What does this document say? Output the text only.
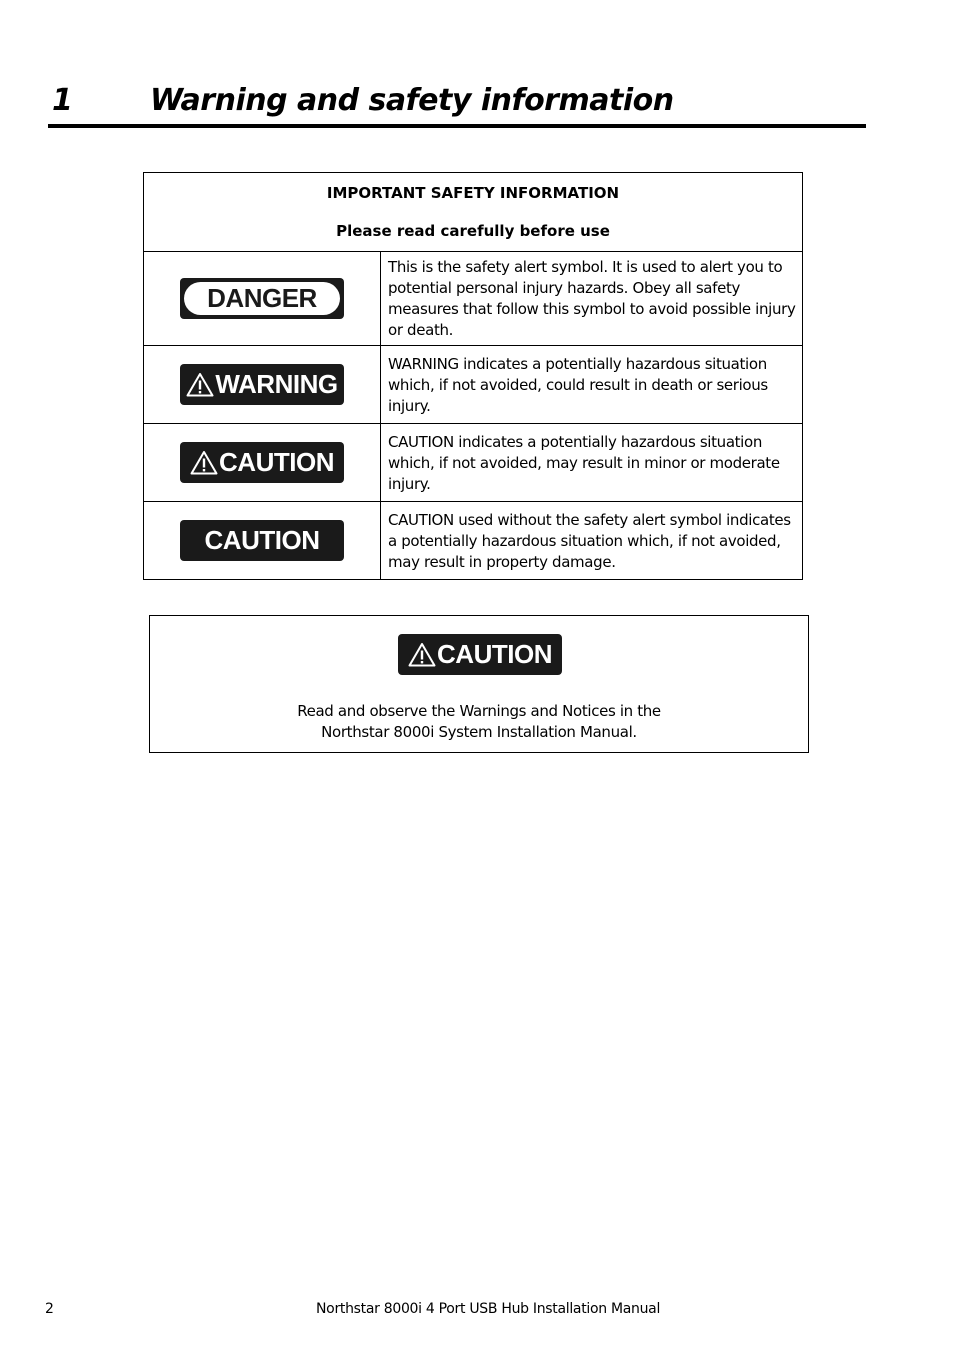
1	Warning and safety information
IMPORTANT SAFETY INFORMATION
Please read carefully before use	

DANGER	This is the safety alert symbol. It is used to alert you to potential personal injury hazards. Obey all safety measures that follow this symbol to avoid possible injury or death.

WARNING	WARNING indicates a potentially hazardous situation which, if not avoided, could result in death or serious injury.

CAUTION	CAUTION indicates a potentially hazardous situation which, if not avoided, may result in minor or moderate injury.

CAUTION	CAUTION used without the safety alert symbol indicates a potentially hazardous situation which, if not avoided, may result in property damage.
CAUTION
Read and observe the Warnings and Notices in the
Northstar 8000i System Installation Manual.
2	Northstar 8000i 4 Port USB Hub Installation Manual
